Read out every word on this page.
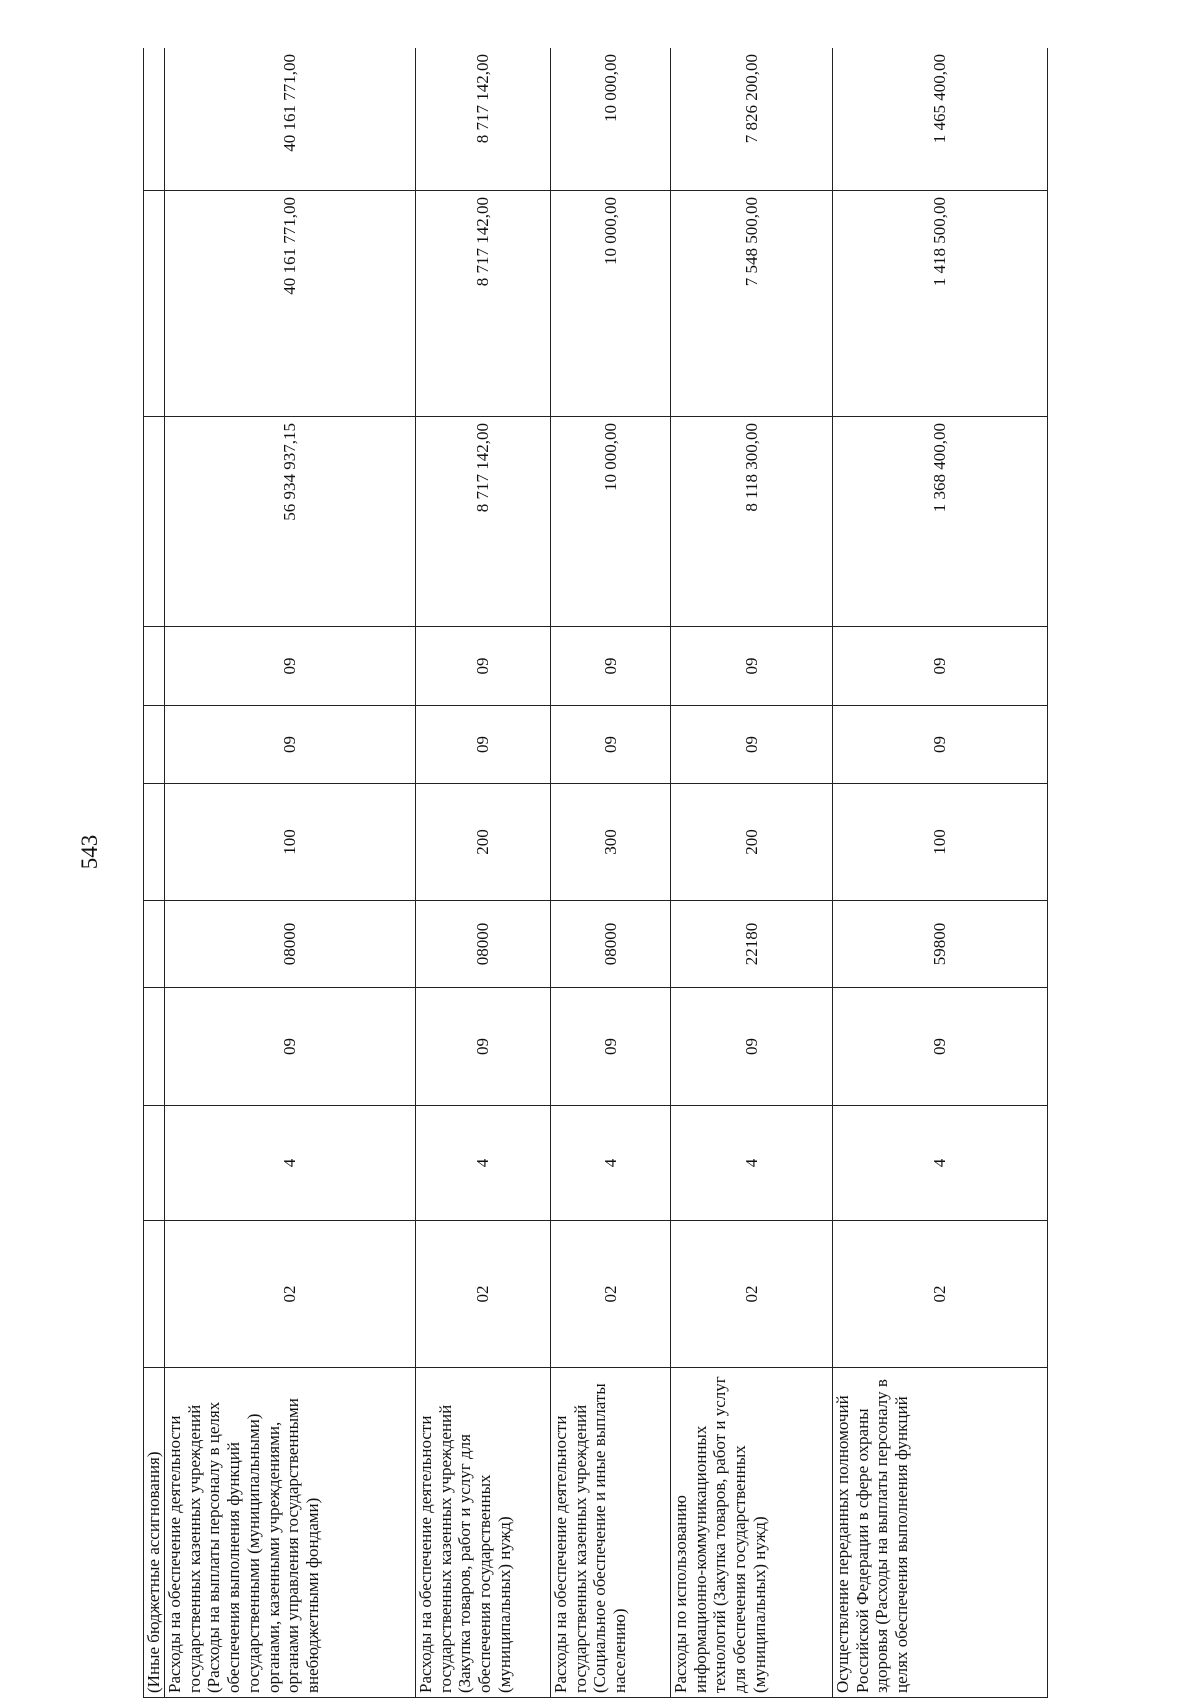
543
(Иные бюджетные ассигнования)										
Расходы на обеспечение деятельности государственных казенных учреждений (Расходы на выплаты персоналу в целях обеспечения выполнения функций государственными (муниципальными) органами, казенными учреждениями, органами управления государственными внебюджетными фондами)	02	4	09	08000	100	09	09	56 934 937,15	40 161 771,00	40 161 771,00
Расходы на обеспечение деятельности государственных казенных учреждений (Закупка товаров, работ и услуг для обеспечения государственных (муниципальных) нужд)	02	4	09	08000	200	09	09	8 717 142,00	8 717 142,00	8 717 142,00
Расходы на обеспечение деятельности государственных казенных учреждений (Социальное обеспечение и иные выплаты населению)	02	4	09	08000	300	09	09	10 000,00	10 000,00	10 000,00
Расходы по использованию информационно-коммуникационных технологий (Закупка товаров, работ и услуг для обеспечения государственных (муниципальных) нужд)	02	4	09	22180	200	09	09	8 118 300,00	7 548 500,00	7 826 200,00
Осуществление переданных полномочий Российской Федерации в сфере охраны здоровья (Расходы на выплаты персоналу в целях обеспечения выполнения функций	02	4	09	59800	100	09	09	1 368 400,00	1 418 500,00	1 465 400,00
